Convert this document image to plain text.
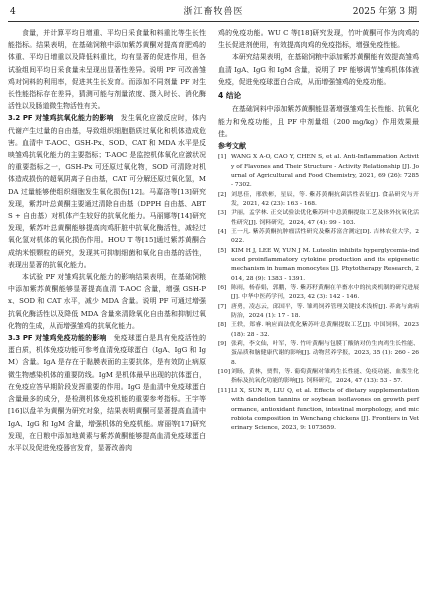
4	浙江畜牧兽医	2025 年第 3 期

食量，并计算平均日增重、平均日采食量和料重比等生长性能指标。结果表明，在基础饲粮中添加紫苏黄酮对提高育肥鸡的体重、平均日增重以及降低料重比，均有显著的促进作用，但各试验组间平均日采食量未呈现出显著性差异。说明 PF 可改善雏鸡对饲料的利用率，促进其生长发育。而添加不同剂量 PF 对生长性能指标存在差异，猜测可能与剂量浓度、摄入时长、消化酶活性以及肠道微生物活性有关。

3.2 PF 对雏鸡抗氧化能力的影响  发生氧化应激反应时，体内代谢产生过量的自由基，导致组织细胞脂质过氧化和机体造成危害。血清中 T-AOC、GSH-Px、SOD、CAT 和 MDA 水平是反映雏鸡抗氧化能力的主要指标；T-AOC 是监控机体氧化应激状况的重要指标之一，GSH-Px 可还原过氧化物，SOD 可清除对机体造成损伤的超氧阴离子自由基，CAT 可分解还原过氧化氢，MDA 过量能够使组织细胞发生氧化损伤[12]。马嘉洛等[13]研究发现，紫苏叶总黄酮主要通过清除自由基（DPPH 自由基、ABTS + 自由基）对机体产生较好的抗氧化能力。马丽娜等[14]研究发现，紫苏叶总黄酮能够提高肉鸡肝脏中抗氧化酶活性，减轻过氧化氢对机体的氧化损伤作用。HOU T 等[15]通过紫苏黄酮合成纳米银颗粒的研究，发现其可抑制细菌和氧化自由基的活性，表现出显著的抗氧化能力。

本试验 PF 对雏鸡抗氧化能力的影响结果表明，在基础饲粮中添加紫苏黄酮能够显著提高血清 T-AOC 含量，增强 GSH-Px、SOD 和 CAT 水平，减少 MDA 含量。说明 PF 可通过增强抗氧化酶活性以及降低 MDA 含量来清除氧化自由基和抑制过氧化物的生成，从而增强雏鸡的抗氧化能力。

3.3 PF 对雏鸡免疫功能的影响  免疫球蛋白是具有免疫活性的蛋白质，机体免疫功能可参考血清免疫球蛋白（IgA、IgG 和 IgM）含量。IgA 是存在于黏膜表面的主要抗体，是有效防止病原微生物感染机体的重要防线。IgM 是机体最早出现的抗体蛋白，在免疫应答早期阶段发挥重要的作用。IgG 是血清中免疫球蛋白含量最多的成分，是检测机体免疫机能的重要参考指标。王宇等[16]以盘羊为黄酮为研究对象，结果表明黄酮可显著提高血清中 IgA、IgG 和 IgM 含量，增强机体的免疫机能。席丽等[17]研究发现，在日粮中添加地黄素与紫苏黄酮能够提高血清免疫球蛋白水平以及促进免疫器官发育，显著改善肉

鸡的免疫功能。WU C 等[18]研究发现，竹叶黄酮可作为肉鸡的生长促进剂使用，有效提高肉鸡的免疫指标，增强免疫性能。

本研究结果表明，在基础饲粮中添加紫苏黄酮能有效提高雏鸡血清 IgA、IgG 和 IgM 含量，说明了 PF 能够调节雏鸡机体体液免疫，促进免疫球蛋白合成，从而增强雏鸡的免疫功能。

4 结论

在基础饲料中添加紫苏黄酮能显著增强雏鸡生长性能、抗氧化能力和免疫功能，且 PF 中剂量组（200 mg/kg）作用效果最佳。

参考文献
[1] WANG X A-O, CAO Y, CHEN S, et al. Anti-Inflammation Activity of Flavones and Their Structure - Activity Relationship [J]. Journal of Agricultural and Food Chemistry, 2021, 69 (26): 7285 - 7302.
[2] 刘思佳，邢轶彬，星辰，等. 紫苏黄酮抗菌活性表征[J]. 食品研究与开发，2021, 42 (23): 163 - 168.
[3] 尹丽，孟学林. 正交试验法优化紫苏叶中总黄酮提取工艺及体外抗氧化活性研究[J]. 饲料研究，2024, 47 (4): 99 - 103.
[4] 王一凡. 紫苏黄酮抗肿瘤活性研究及紫苏富含测定[D]. 吉林农业大学，2022.
[5] KIM H J, LEE W, YUN J M. Luteolin inhibits hyperglycemia-induced proinflammatory cytokine production and its epigenetic mechanism in human monocytes [J]. Phytotherapy Research, 2014, 28 (9): 1383 - 1391.
[6] 陈雨，杨春娟，郭鹏，等. 紫苏籽黄酮在羊畜水中的抗炎机制的研究进展[J]. 中华中医药学刊，2023, 42 (3): 142 - 146.
[7] 唐勇，凌志云，邱国平，等. 雏鸡饲养管理关键技术浅析[J]. 养禽与禽病防治，2024 (1): 17 - 18.
[8] 王轶，郑睿. 响应面法优化紫苏叶总黄酮提取工艺[J]. 中国饲料，2023 (18): 28 - 32.
[9] 张莉，李文仙，叶军，等. 竹叶黄酮与包膜丁酸钠对仿生肉鸡生长性能、蛋品质和脑健康代谢的影响[J]. 动物营养学报，2023, 35 (1): 260 - 268.
[10] 刘旸，黄林，贾哲，等. 葡萄黄酮对雏鸡生长性能、免疫功能、血浆生化指标及抗氧化功能的影响[J]. 饲料研究，2024, 47 (13): 53 - 57.
[11] LI X, SUN R, LIU Q, et al. Effects of dietary supplementation with dandelion tannins or soybean isoflavones on growth performance, antioxidant function, intestinal morphology, and microbiota composition in Wenchang chickens [J]. Frontiers in Veterinary Science, 2023, 9: 1073659.
